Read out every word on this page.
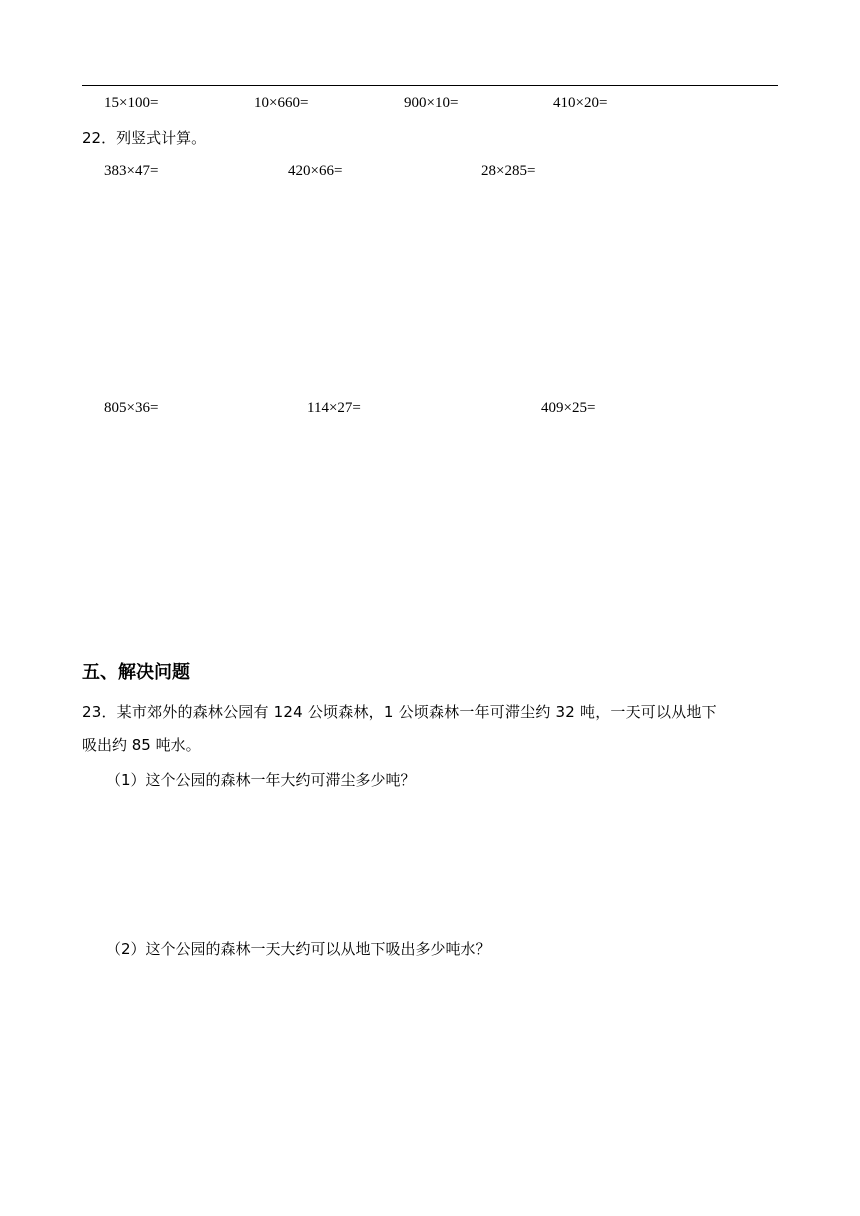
15×100=	10×660=	900×10=	410×20=
22．列竖式计算。
383×47=	420×66=	28×285=
805×36=	114×27=	409×25=
五、解决问题
23．某市郊外的森林公园有 124 公顷森林，1 公顷森林一年可滞尘约 32 吨，一天可以从地下
吸出约 85 吨水。
（1）这个公园的森林一年大约可滞尘多少吨？
（2）这个公园的森林一天大约可以从地下吸出多少吨水？
